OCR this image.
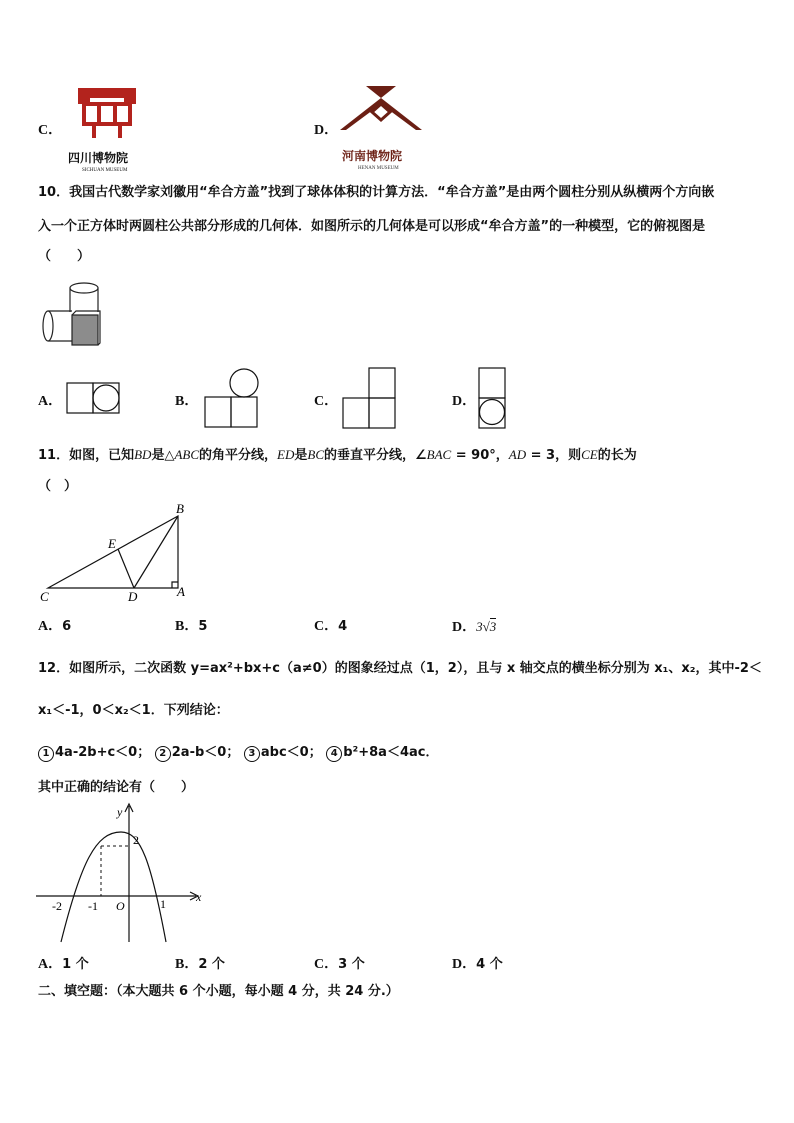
C．
四川博物院
SICHUAN MUSEUM
D．
河南博物院
HENAN MUSEUM
10．我国古代数学家刘徽用“牟合方盖”找到了球体体积的计算方法．“牟合方盖”是由两个圆柱分别从纵横两个方向嵌
入一个正方体时两圆柱公共部分形成的几何体．如图所示的几何体是可以形成“牟合方盖”的一种模型，它的俯视图是
（　　）
A．	B．	C．	D．
11．如图，已知BD是△ABC的角平分线，ED是BC的垂直平分线，∠BAC = 90°，AD = 3，则CE的长为
（　）
B
E
C	D	A
A．6	B．5	C．4	D．3√3
12．如图所示，二次函数 y=ax²+bx+c（a≠0）的图象经过点（1，2），且与 x 轴交点的横坐标分别为 x₁、x₂，其中-2＜
x₁＜-1，0＜x₂＜1．下列结论：
1 4a-2b+c＜0； 2 2a-b＜0； 3 abc＜0； 4 b²+8a＜4ac．
其中正确的结论有（　　）
y
x
2
-2 -1 O	1
A．1 个	B．2 个	C．3 个	D．4 个
二、填空题：（本大题共 6 个小题，每小题 4 分，共 24 分.）
